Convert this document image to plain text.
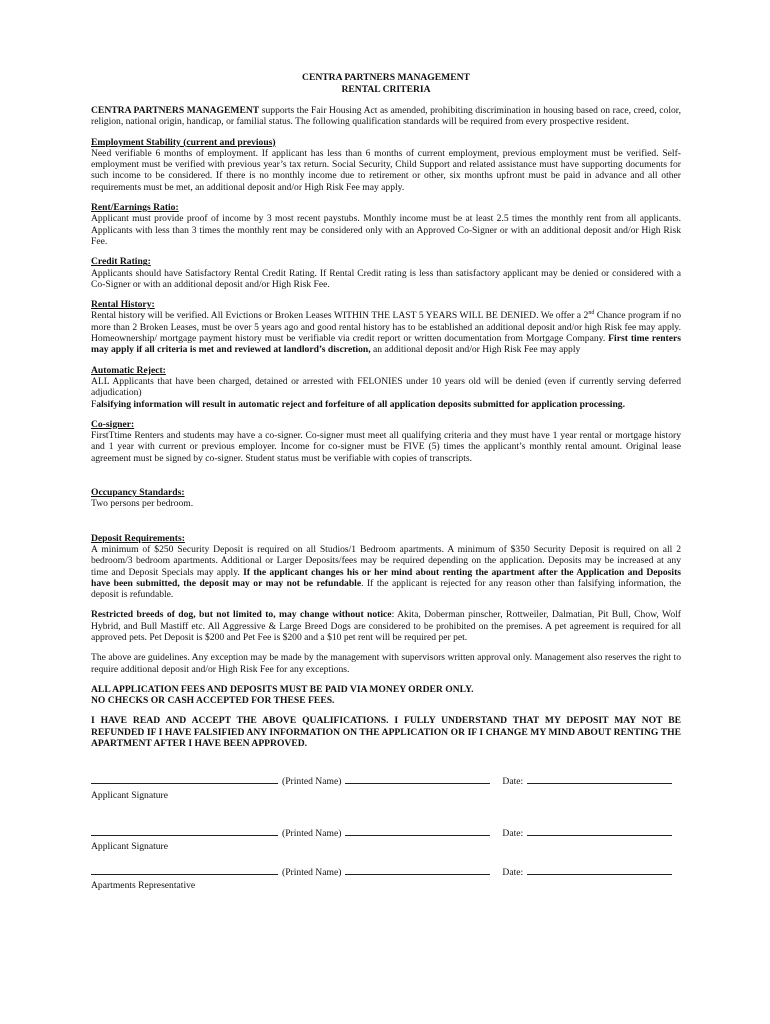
CENTRA PARTNERS MANAGEMENT

RENTAL CRITERIA

CENTRA PARTNERS MANAGEMENT supports the Fair Housing Act as amended, prohibiting discrimination in housing based on race, creed, color, religion, national origin, handicap, or familial status. The following qualification standards will be required from every prospective resident.

Employment Stability (current and previous)

Need verifiable 6 months of employment. If applicant has less than 6 months of current employment, previous employment must be verified. Self-employment must be verified with previous year’s tax return. Social Security, Child Support and related assistance must have supporting documents for such income to be considered. If there is no monthly income due to retirement or other, six months upfront must be paid in advance and all other requirements must be met, an additional deposit and/or High Risk Fee may apply.

Rent/Earnings Ratio:

Applicant must provide proof of income by 3 most recent paystubs. Monthly income must be at least 2.5 times the monthly rent from all applicants. Applicants with less than 3 times the monthly rent may be considered only with an Approved Co-Signer or with an additional deposit and/or High Risk Fee.

Credit Rating:

Applicants should have Satisfactory Rental Credit Rating. If Rental Credit rating is less than satisfactory applicant may be denied or considered with a Co-Signer or with an additional deposit and/or High Risk Fee.

Rental History:

Rental history will be verified. All Evictions or Broken Leases WITHIN THE LAST 5 YEARS WILL BE DENIED. We offer a 2nd Chance program if no more than 2 Broken Leases, must be over 5 years ago and good rental history has to be established an additional deposit and/or high Risk fee may apply. Homeownership/ mortgage payment history must be verifiable via credit report or written documentation from Mortgage Company. First time renters may apply if all criteria is met and reviewed at landlord’s discretion, an additional deposit and/or High Risk Fee may apply

Automatic Reject:

ALL Applicants that have been charged, detained or arrested with FELONIES under 10 years old will be denied (even if currently serving deferred adjudication)

Falsifying information will result in automatic reject and forfeiture of all application deposits submitted for application processing.

Co-signer:

FirstTtime Renters and students may have a co-signer. Co-signer must meet all qualifying criteria and they must have 1 year rental or mortgage history and 1 year with current or previous employer. Income for co-signer must be FIVE (5) times the applicant’s monthly rental amount. Original lease agreement must be signed by co-signer. Student status must be verifiable with copies of transcripts.

Occupancy Standards:

Two persons per bedroom.

Deposit Requirements:

A minimum of $250 Security Deposit is required on all Studios/1 Bedroom apartments. A minimum of $350 Security Deposit is required on all 2 bedroom/3 bedroom apartments. Additional or Larger Deposits/fees may be required depending on the application. Deposits may be increased at any time and Deposit Specials may apply. If the applicant changes his or her mind about renting the apartment after the Application and Deposits have been submitted, the deposit may or may not be refundable. If the applicant is rejected for any reason other than falsifying information, the deposit is refundable.

Restricted breeds of dog, but not limited to, may change without notice: Akita, Doberman pinscher, Rottweiler, Dalmatian, Pit Bull, Chow, Wolf Hybrid, and Bull Mastiff etc. All Aggressive & Large Breed Dogs are considered to be prohibited on the premises. A pet agreement is required for all approved pets. Pet Deposit is $200 and Pet Fee is $200 and a $10 pet rent will be required per pet.

The above are guidelines. Any exception may be made by the management with supervisors written approval only. Management also reserves the right to require additional deposit and/or High Risk Fee for any exceptions.

ALL APPLICATION FEES AND DEPOSITS MUST BE PAID VIA MONEY ORDER ONLY.

NO CHECKS OR CASH ACCEPTED FOR THESE FEES.

I HAVE READ AND ACCEPT THE ABOVE QUALIFICATIONS. I FULLY UNDERSTAND THAT MY DEPOSIT MAY NOT BE REFUNDED IF I HAVE FALSIFIED ANY INFORMATION ON THE APPLICATION OR IF I CHANGE MY MIND ABOUT RENTING THE APARTMENT AFTER I HAVE BEEN APPROVED.

(Printed Name)	Date:
Applicant Signature
(Printed Name)	Date:
Applicant Signature
(Printed Name)	Date:
Apartments Representative
